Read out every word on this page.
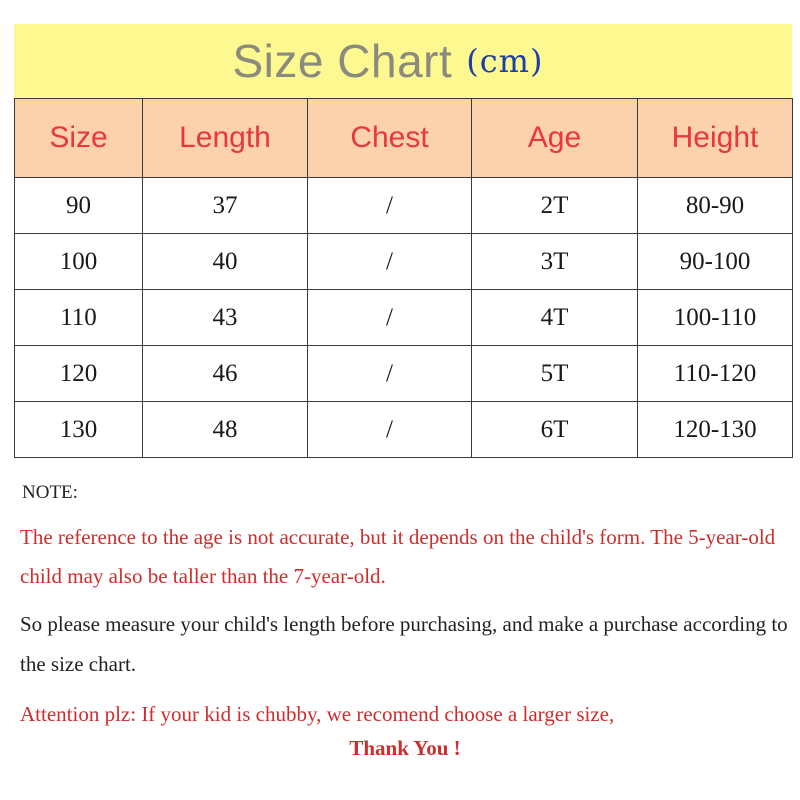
Size Chart (cm)
Size	Length	Chest	Age	Height
90	37	/	2T	80-90
100	40	/	3T	90-100
110	43	/	4T	100-110
120	46	/	5T	110-120
130	48	/	6T	120-130

NOTE:

The reference to the age is not accurate, but it depends on the child's form. The 5-year-old child may also be taller than the 7-year-old.

So please measure your child's length before purchasing, and make a purchase according to the size chart.

Attention plz: If your kid is chubby, we recomend choose a larger size,

Thank You !
